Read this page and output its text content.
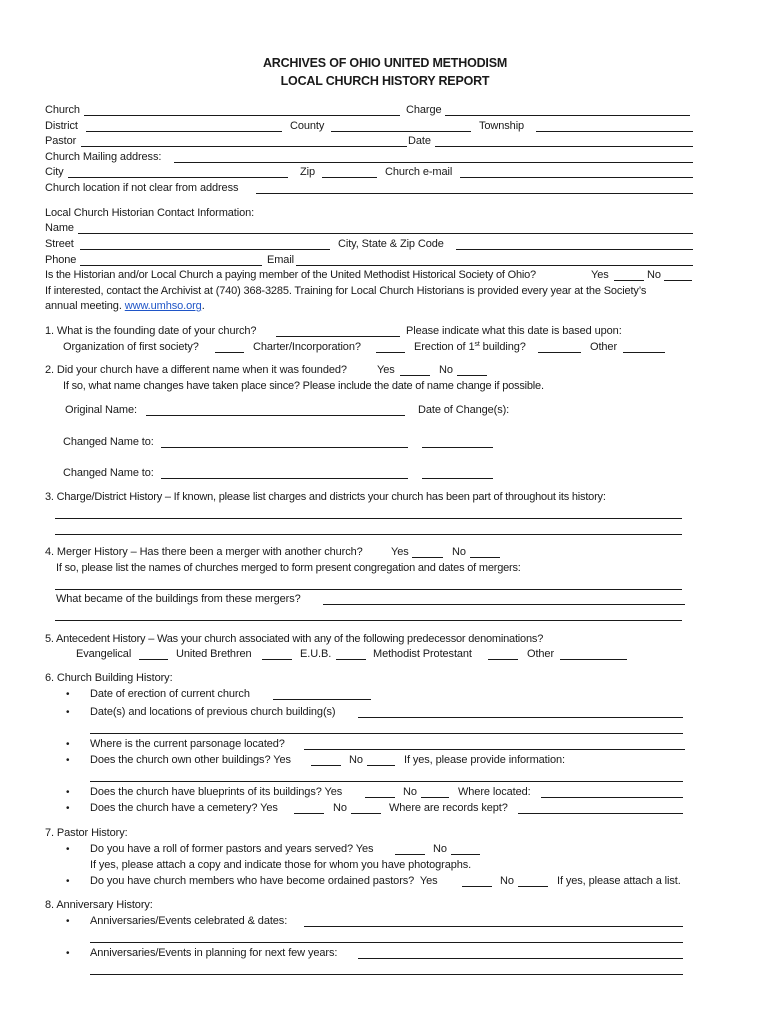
ARCHIVES OF OHIO UNITED METHODISM
LOCAL CHURCH HISTORY REPORT
Church	Charge
District	County	Township
Pastor	Date
Church Mailing address:
City	Zip	Church e-mail
Church location if not clear from address
Local Church Historian Contact Information:
Name
Street	City, State & Zip Code
Phone	Email
Is the Historian and/or Local Church a paying member of the United Methodist Historical Society of Ohio?	Yes	No
If interested, contact the Archivist at (740) 368-3285. Training for Local Church Historians is provided every year at the Society’s
annual meeting. www.umhso.org.
1. What is the founding date of your church?	Please indicate what this date is based upon:
Organization of first society?	Charter/Incorporation?	Erection of 1st building?	Other
2. Did your church have a different name when it was founded?	Yes	No
If so, what name changes have taken place since? Please include the date of name change if possible.
Original Name:	Date of Change(s):
Changed Name to:
Changed Name to:
3. Charge/District History – If known, please list charges and districts your church has been part of throughout its history:
4. Merger History – Has there been a merger with another church?	Yes	No
If so, please list the names of churches merged to form present congregation and dates of mergers:
What became of the buildings from these mergers?
5. Antecedent History – Was your church associated with any of the following predecessor denominations?
Evangelical	United Brethren	E.U.B.	Methodist Protestant	Other
6. Church Building History:
• Date of erection of current church
• Date(s) and locations of previous church building(s)
• Where is the current parsonage located?
• Does the church own other buildings? Yes	No	If yes, please provide information:
• Does the church have blueprints of its buildings? Yes	No	Where located:
• Does the church have a cemetery? Yes	No	Where are records kept?
7. Pastor History:
• Do you have a roll of former pastors and years served? Yes	No
If yes, please attach a copy and indicate those for whom you have photographs.
• Do you have church members who have become ordained pastors?  Yes	No	If yes, please attach a list.
8. Anniversary History:
• Anniversaries/Events celebrated & dates:
• Anniversaries/Events in planning for next few years:
